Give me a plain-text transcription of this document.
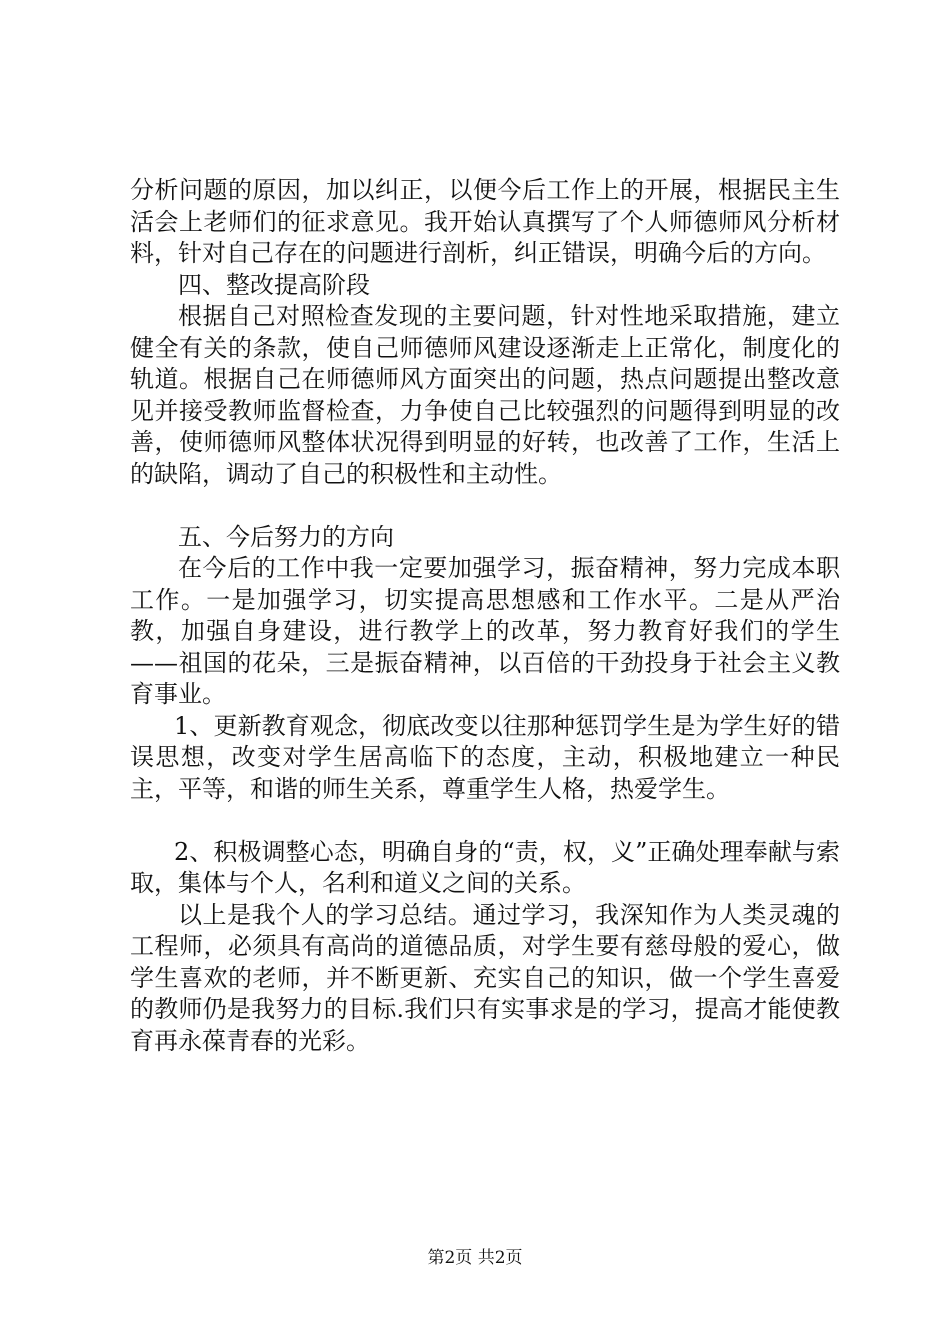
分析问题的原因，加以纠正，以便今后工作上的开展，根据民主生活会上老师们的征求意见。我开始认真撰写了个人师德师风分析材料，针对自己存在的问题进行剖析，纠正错误，明确今后的方向。

四、整改提高阶段

根据自己对照检查发现的主要问题，针对性地采取措施，建立健全有关的条款，使自己师德师风建设逐渐走上正常化，制度化的轨道。根据自己在师德师风方面突出的问题，热点问题提出整改意见并接受教师监督检查，力争使自己比较强烈的问题得到明显的改善，使师德师风整体状况得到明显的好转，也改善了工作，生活上的缺陷，调动了自己的积极性和主动性。

五、今后努力的方向

在今后的工作中我一定要加强学习，振奋精神，努力完成本职工作。一是加强学习，切实提高思想感和工作水平。二是从严治教，加强自身建设，进行教学上的改革，努力教育好我们的学生——祖国的花朵，三是振奋精神，以百倍的干劲投身于社会主义教育事业。

1、更新教育观念，彻底改变以往那种惩罚学生是为学生好的错误思想，改变对学生居高临下的态度，主动，积极地建立一种民主，平等，和谐的师生关系，尊重学生人格，热爱学生。

2、积极调整心态，明确自身的“责，权，义”正确处理奉献与索取，集体与个人，名利和道义之间的关系。

以上是我个人的学习总结。通过学习，我深知作为人类灵魂的工程师，必须具有高尚的道德品质，对学生要有慈母般的爱心，做学生喜欢的老师，并不断更新、充实自己的知识，做一个学生喜爱的教师仍是我努力的目标.我们只有实事求是的学习，提高才能使教育再永葆青春的光彩。

第2页 共2页
